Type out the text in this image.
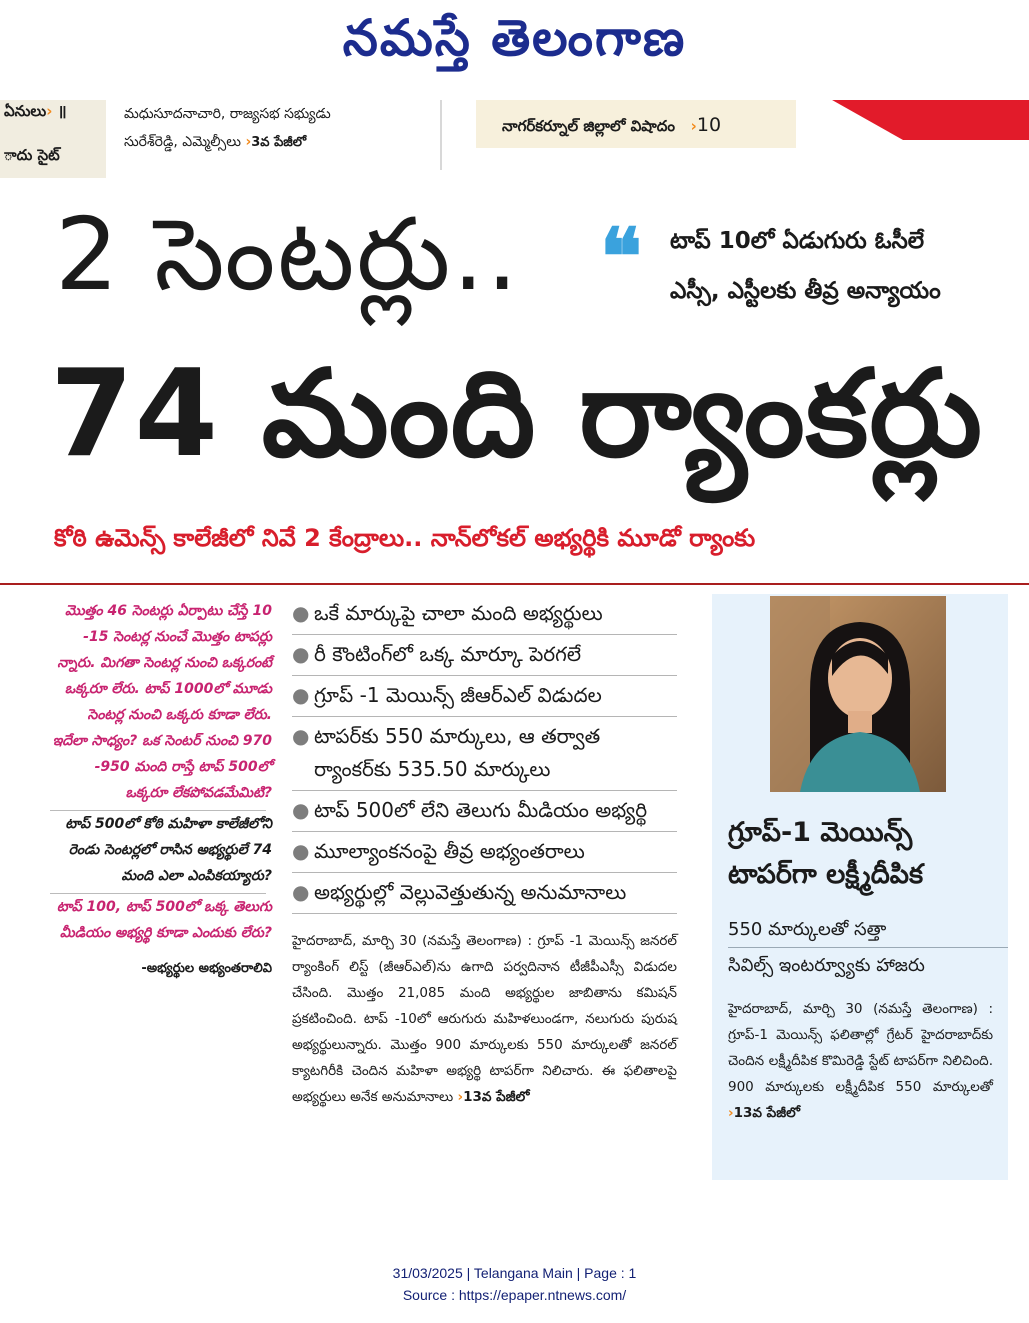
నమస్తే తెలంగాణ
ఏనులు› ॥
ాదు సైట్
మధుసూదనాచారి, రాజ్యసభ సభ్యుడు
సురేశ్‌రెడ్డి, ఎమ్మెల్సీలు ›3వ పేజీలో
నాగర్‌కర్నూల్ జిల్లాలో విషాదం   ›10
2 సెంటర్లు.. ❝ టాప్ 10లో ఏడుగురు ఓసీలే
ఎస్సీ, ఎస్టీలకు తీవ్ర అన్యాయం
74 మంది ర్యాంకర్లు
కోఠి ఉమెన్స్ కాలేజీలో నివే 2 కేంద్రాలు.. నాన్‌లోకల్ అభ్యర్థికి మూడో ర్యాంకు

మొత్తం 46 సెంటర్లు ఏర్పాటు చేస్తే 10 -15 సెంటర్ల నుంచే మొత్తం టాపర్లు న్నారు. మిగతా సెంటర్ల నుంచి ఒక్కరంటే ఒక్కరూ లేరు. టాప్ 1000లో మూడు సెంటర్ల నుంచి ఒక్కరు కూడా లేరు. ఇదేలా సాధ్యం? ఒక సెంటర్ నుంచి 970 -950 మంది రాస్తే టాప్ 500లో ఒక్కరూ లేకపోవడమేమిటి?

టాప్ 500లో కోఠి మహిళా కాలేజీలోని రెండు సెంటర్లలో రాసిన అభ్యర్థులే 74 మంది ఎలా ఎంపికయ్యారు?

టాప్ 100, టాప్ 500లో ఒక్క తెలుగు మీడియం అభ్యర్థి కూడా ఎందుకు లేరు?

-అభ్యర్థుల అభ్యంతరాలివి

● ఒకే మార్కుపై చాలా మంది అభ్యర్థులు
● రీ కౌంటింగ్‌లో ఒక్క మార్కూ పెరగలే
● గ్రూప్ -1 మెయిన్స్ జీఆర్ఎల్ విడుదల
● టాపర్‌కు 550 మార్కులు, ఆ తర్వాత ర్యాంకర్‌కు 535.50 మార్కులు
● టాప్ 500లో లేని తెలుగు మీడియం అభ్యర్థి
● మూల్యాంకనంపై తీవ్ర అభ్యంతరాలు
● అభ్యర్థుల్లో వెల్లువెత్తుతున్న అనుమానాలు
హైదరాబాద్, మార్చి 30 (నమస్తే తెలంగాణ) : గ్రూప్ -1 మెయిన్స్ జనరల్ ర్యాంకింగ్ లిస్ట్ (జీఆర్ఎల్)ను ఉగాది పర్వదినాన టీజీపీఎస్సీ విడుదల చేసింది. మొత్తం 21,085 మంది అభ్యర్థుల జాబితాను కమిషన్ ప్రకటించింది. టాప్ -10లో ఆరుగురు మహిళలుండగా, నలుగురు పురుష అభ్యర్థులున్నారు. మొత్తం 900 మార్కులకు 550 మార్కులతో జనరల్ క్యాటగిరీకి చెందిన మహిళా అభ్యర్థి టాపర్‌గా నిలిచారు. ఈ ఫలితాలపై అభ్యర్థులు అనేక అనుమానాలు ›13వ పేజీలో
గ్రూప్-1 మెయిన్స్ టాపర్‌గా లక్ష్మీదీపిక
550 మార్కులతో సత్తా
సివిల్స్ ఇంటర్వ్యూకు హాజరు
హైదరాబాద్, మార్చి 30 (నమస్తే తెలంగాణ) : గ్రూప్-1 మెయిన్స్ ఫలితాల్లో గ్రేటర్ హైదరాబాద్‌కు చెందిన లక్ష్మీదీపిక కొమిరెడ్డి స్టేట్ టాపర్‌గా నిలిచింది. 900 మార్కులకు లక్ష్మీదీపిక 550 మార్కులతో ›13వ పేజీలో
31/03/2025 | Telangana Main | Page : 1
Source : https://epaper.ntnews.com/
